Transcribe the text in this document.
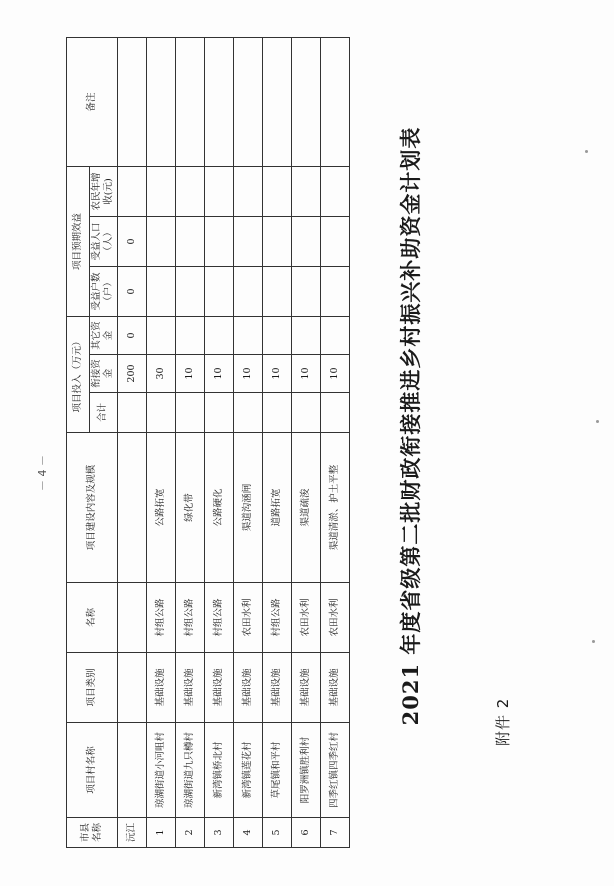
－ 4 －	2021 年度省级第二批财政衔接推进乡村振兴补助资金计划表	附件 2
市县名称	项目村名称	项目类别	名称	项目建设内容及规模	项目投入（万元）			项目预期效益			备注
					合计	衔接资金	其它资金	受益户数（户）	受益人口（人）	农民年增收(元)	

沅江						200	0	0	0		
1	琼湖街道小河咀村	基础设施	村组公路	公路拓宽		30					
2	琼湖街道九只樽村	基础设施	村组公路	绿化带		10					
3	新湾镇桥北村	基础设施	村组公路	公路硬化		10					
4	新湾镇莲花村	基础设施	农田水利	渠道沟涵闸		10					
5	草尾镇和平村	基础设施	村组公路	道路拓宽		10					
6	阳罗洲镇胜利村	基础设施	农田水利	渠道疏浚		10					
7	四季红镇四季红村	基础设施	农田水利	渠道清淤、护土平整		10					
